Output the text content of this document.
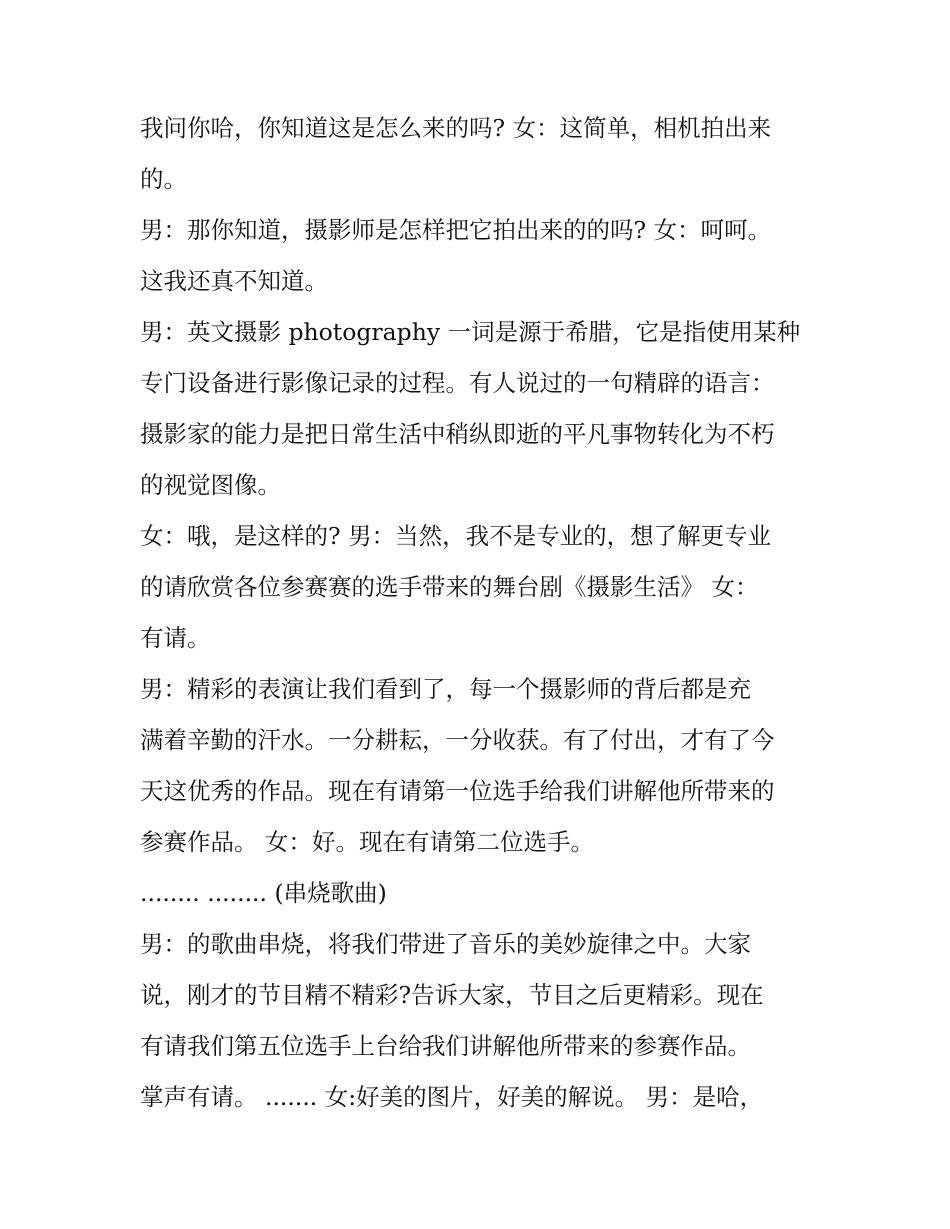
我问你哈，你知道这是怎么来的吗? 女：这简单，相机拍出来
的。
男：那你知道，摄影师是怎样把它拍出来的的吗? 女：呵呵。
这我还真不知道。
男：英文摄影 photography 一词是源于希腊，它是指使用某种
专门设备进行影像记录的过程。有人说过的一句精辟的语言：
摄影家的能力是把日常生活中稍纵即逝的平凡事物转化为不朽
的视觉图像。
女：哦，是这样的? 男：当然，我不是专业的，想了解更专业
的请欣赏各位参赛赛的选手带来的舞台剧《摄影生活》 女：
有请。
男：精彩的表演让我们看到了，每一个摄影师的背后都是充
满着辛勤的汗水。一分耕耘，一分收获。有了付出，才有了今
天这优秀的作品。现在有请第一位选手给我们讲解他所带来的
参赛作品。 女：好。现在有请第二位选手。
........ ........ (串烧歌曲)
男：的歌曲串烧，将我们带进了音乐的美妙旋律之中。大家
说，刚才的节目精不精彩?告诉大家，节目之后更精彩。现在
有请我们第五位选手上台给我们讲解他所带来的参赛作品。
掌声有请。 ....... 女:好美的图片，好美的解说。 男：是哈，
